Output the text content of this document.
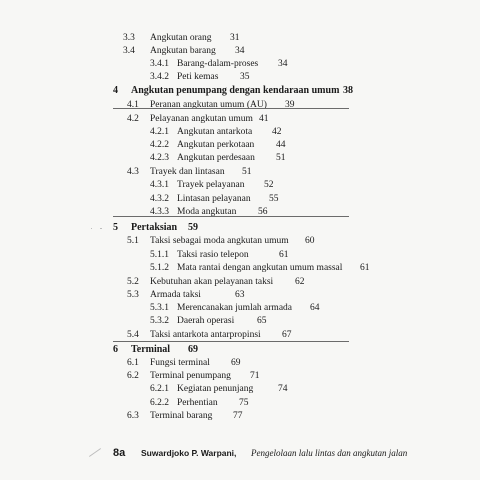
3.3 Angkutan orang 31
3.4 Angkutan barang 34
3.4.1 Barang-dalam-proses 34
3.4.2 Peti kemas 35
4 Angkutan penumpang dengan kendaraan umum 38
4.1 Peranan angkutan umum (AU) 39
4.2 Pelayanan angkutan umum 41
4.2.1 Angkutan antarkota 42
4.2.2 Angkutan perkotaan 44
4.2.3 Angkutan perdesaan 51
4.3 Trayek dan lintasan 51
4.3.1 Trayek pelayanan 52
4.3.2 Lintasan pelayanan 55
4.3.3 Moda angkutan 56
5 Pertaksian 59
5.1 Taksi sebagai moda angkutan umum 60
5.1.1 Taksi rasio telepon	61
5.1.2 Mata rantai dengan angkutan umum massal 61
5.2 Kebutuhan akan pelayanan taksi 62
5.3 Armada taksi	63
5.3.1 Merencanakan jumlah armada 64
5.3.2 Daerah operasi 65
5.4 Taksi antarkota antarpropinsi 67
6 Terminal 69
6.1 Fungsi terminal 69
6.2 Terminal penumpang 71
6.2.1 Kegiatan penunjang	74
6.2.2 Perhentian 75
6.3 Terminal barang 77
8a Suwardjoko P. Warpani, Pengelolaan lalu lintas dan angkutan jalan
